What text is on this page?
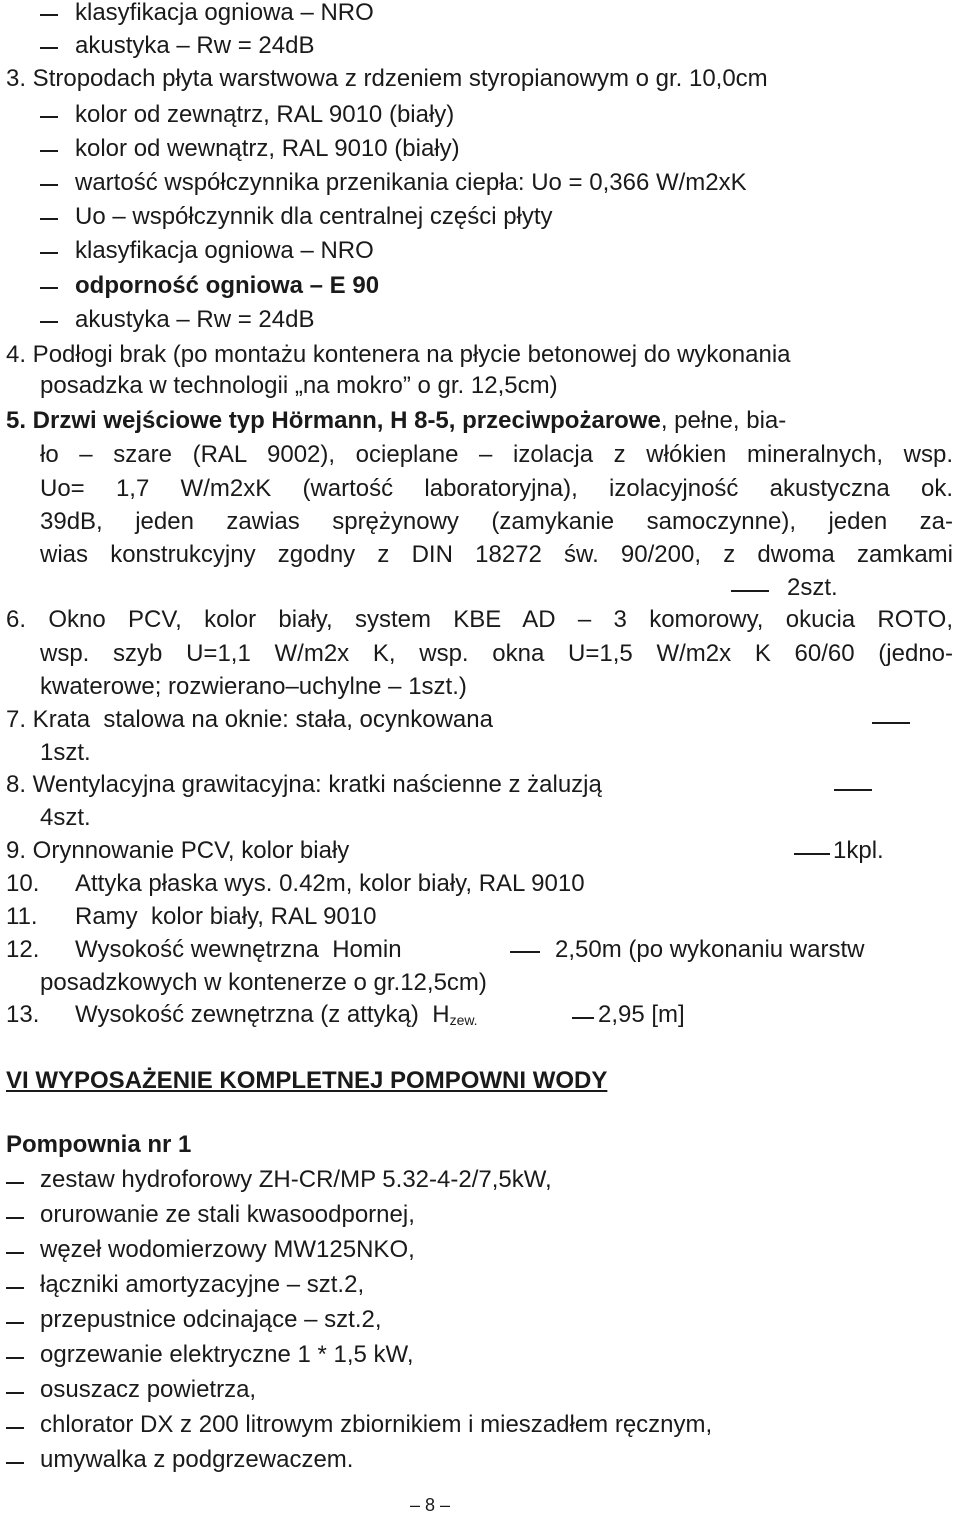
klasyfikacja ogniowa – NRO
akustyka – Rw = 24dB
3. Stropodach płyta warstwowa z rdzeniem styropianowym o gr. 10,0cm
kolor od zewnątrz, RAL 9010 (biały)
kolor od wewnątrz, RAL 9010 (biały)
wartość współczynnika przenikania ciepła: Uo = 0,366 W/m2xK
Uo – współczynnik dla centralnej części płyty
klasyfikacja ogniowa – NRO
odporność ogniowa – E 90
akustyka – Rw = 24dB
4. Podłogi brak (po montażu kontenera na płycie betonowej do wykonania
posadzka w technologii „na mokro” o gr. 12,5cm)
5. Drzwi wejściowe typ Hörmann, H 8-5, przeciwpożarowe, pełne, bia-
ło – szare (RAL 9002), ocieplane – izolacja z włókien mineralnych, wsp.
Uo= 1,7 W/m2xK (wartość laboratoryjna), izolacyjność akustyczna ok.
39dB, jeden zawias sprężynowy (zamykanie samoczynne), jeden za-
wias konstrukcyjny zgodny z DIN 18272 św. 90/200, z dwoma zamkami
2szt.
6. Okno PCV, kolor biały, system KBE AD – 3 komorowy, okucia ROTO,
wsp. szyb U=1,1 W/m2x K, wsp. okna U=1,5 W/m2x K 60/60 (jedno-
kwaterowe; rozwierano–uchylne – 1szt.)
7. Krata  stalowa na oknie: stała, ocynkowana
1szt.
8. Wentylacyjna grawitacyjna: kratki naścienne z żaluzją
4szt.
9. Orynnowanie PCV, kolor biały	1kpl.
10. Attyka płaska wys. 0.42m, kolor biały, RAL 9010
11. Ramy  kolor biały, RAL 9010
12. Wysokość wewnętrzna  Homin	2,50m (po wykonaniu warstw
posadzkowych w kontenerze o gr.12,5cm)
13. Wysokość zewnętrzna (z attyką)  $H_{zew.}$	2,95 [m]
VI WYPOSAŻENIE KOMPLETNEJ POMPOWNI WODY
Pompownia nr 1
zestaw hydroforowy ZH-CR/MP 5.32-4-2/7,5kW,
orurowanie ze stali kwasoodpornej,
węzeł wodomierzowy MW125NKO,
łączniki amortyzacyjne – szt.2,
przepustnice odcinające – szt.2,
ogrzewanie elektryczne 1 * 1,5 kW,
osuszacz powietrza,
chlorator DX z 200 litrowym zbiornikiem i mieszadłem ręcznym,
umywalka z podgrzewaczem.
– 8 –
